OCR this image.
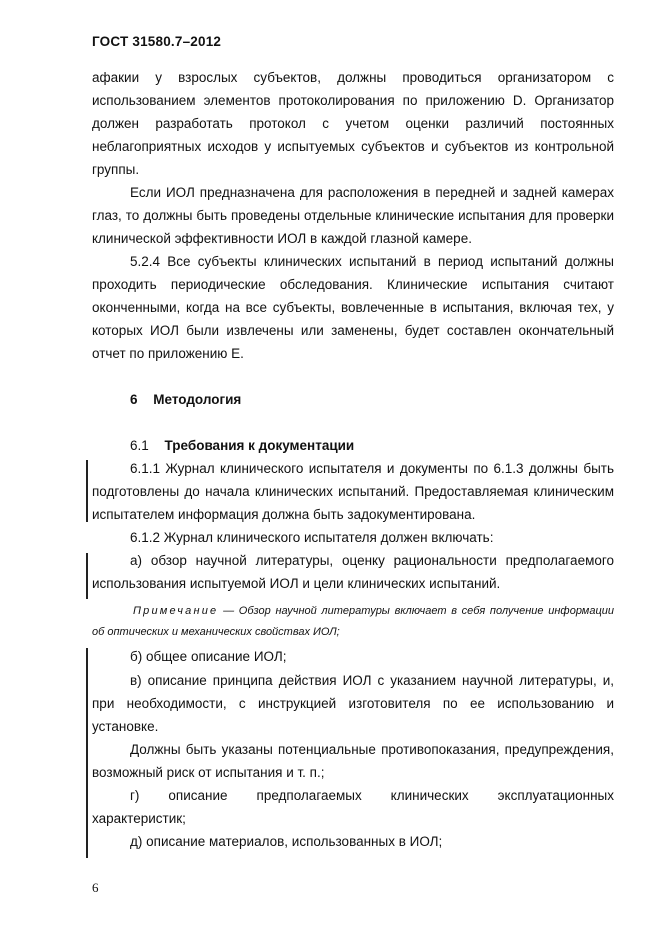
ГОСТ 31580.7–2012
афакии у взрослых субъектов, должны проводиться организатором с
использованием элементов протоколирования по приложению D. Организатор
должен разработать протокол с учетом оценки различий постоянных
неблагоприятных исходов у испытуемых субъектов и субъектов из контрольной
группы.
Если ИОЛ предназначена для расположения в передней и задней камерах
глаз, то должны быть проведены отдельные клинические испытания для проверки
клинической эффективности ИОЛ в каждой глазной камере.
5.2.4 Все субъекты клинических испытаний в период испытаний должны
проходить периодические обследования. Клинические испытания считают
оконченными, когда на все субъекты, вовлеченные в испытания, включая тех, у
которых ИОЛ были извлечены или заменены, будет составлен окончательный
отчет по приложению Е.
6 Методология
6.1 Требования к документации
6.1.1 Журнал клинического испытателя и документы по 6.1.3 должны быть
подготовлены до начала клинических испытаний. Предоставляемая клиническим
испытателем информация должна быть задокументирована.
6.1.2 Журнал клинического испытателя должен включать:
а) обзор научной литературы, оценку рациональности предполагаемого
использования испытуемой ИОЛ и цели клинических испытаний.
Примечание — Обзор научной литературы включает в себя получение информации
об оптических и механических свойствах ИОЛ;
б) общее описание ИОЛ;
в) описание принципа действия ИОЛ с указанием научной литературы, и,
при необходимости, с инструкцией изготовителя по ее использованию и
установке.
Должны быть указаны потенциальные противопоказания, предупреждения,
возможный риск от испытания и т. п.;
г) описание предполагаемых клинических эксплуатационных
характеристик;
д) описание материалов, использованных в ИОЛ;
6
